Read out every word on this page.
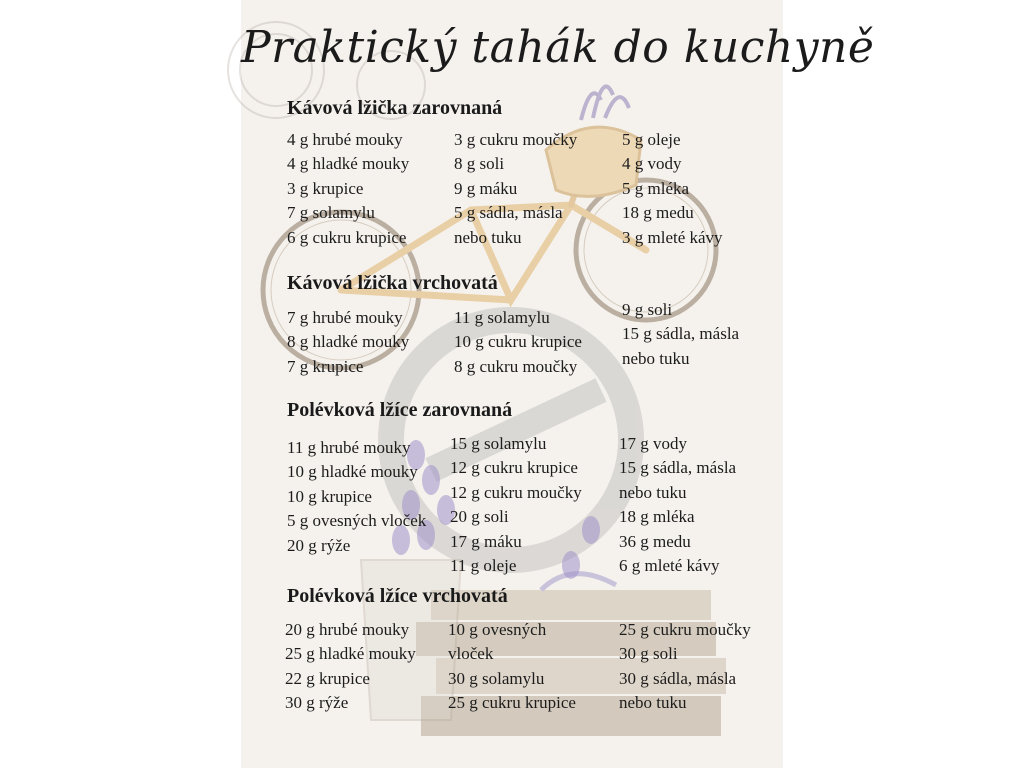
Praktický tahák do kuchyně
Kávová lžička zarovnaná
4 g hrubé mouky
4 g hladké mouky
3 g krupice
7 g solamylu
6 g cukru krupice
3 g cukru moučky
8 g soli
9 g máku
5 g sádla, másla
nebo tuku
5 g oleje
4 g vody
5 g mléka
18 g medu
3 g mleté kávy
Kávová lžička vrchovatá
7 g hrubé mouky
8 g hladké mouky
7 g krupice
11 g solamylu
10 g cukru krupice
8 g cukru moučky
9 g soli
15 g sádla, másla
nebo tuku
Polévková lžíce zarovnaná
11 g hrubé mouky
10 g hladké mouky
10 g krupice
5 g ovesných vloček
20 g rýže
15 g solamylu
12 g cukru krupice
12 g cukru moučky
20 g soli
17 g máku
11 g oleje
17 g vody
15 g sádla, másla
nebo tuku
18 g mléka
36 g medu
6 g mleté kávy
Polévková lžíce vrchovatá
20 g hrubé mouky
25 g hladké mouky
22 g krupice
30 g rýže
10 g ovesných
vloček
30 g solamylu
25 g cukru krupice
25 g cukru moučky
30 g soli
30 g sádla, másla
nebo tuku
